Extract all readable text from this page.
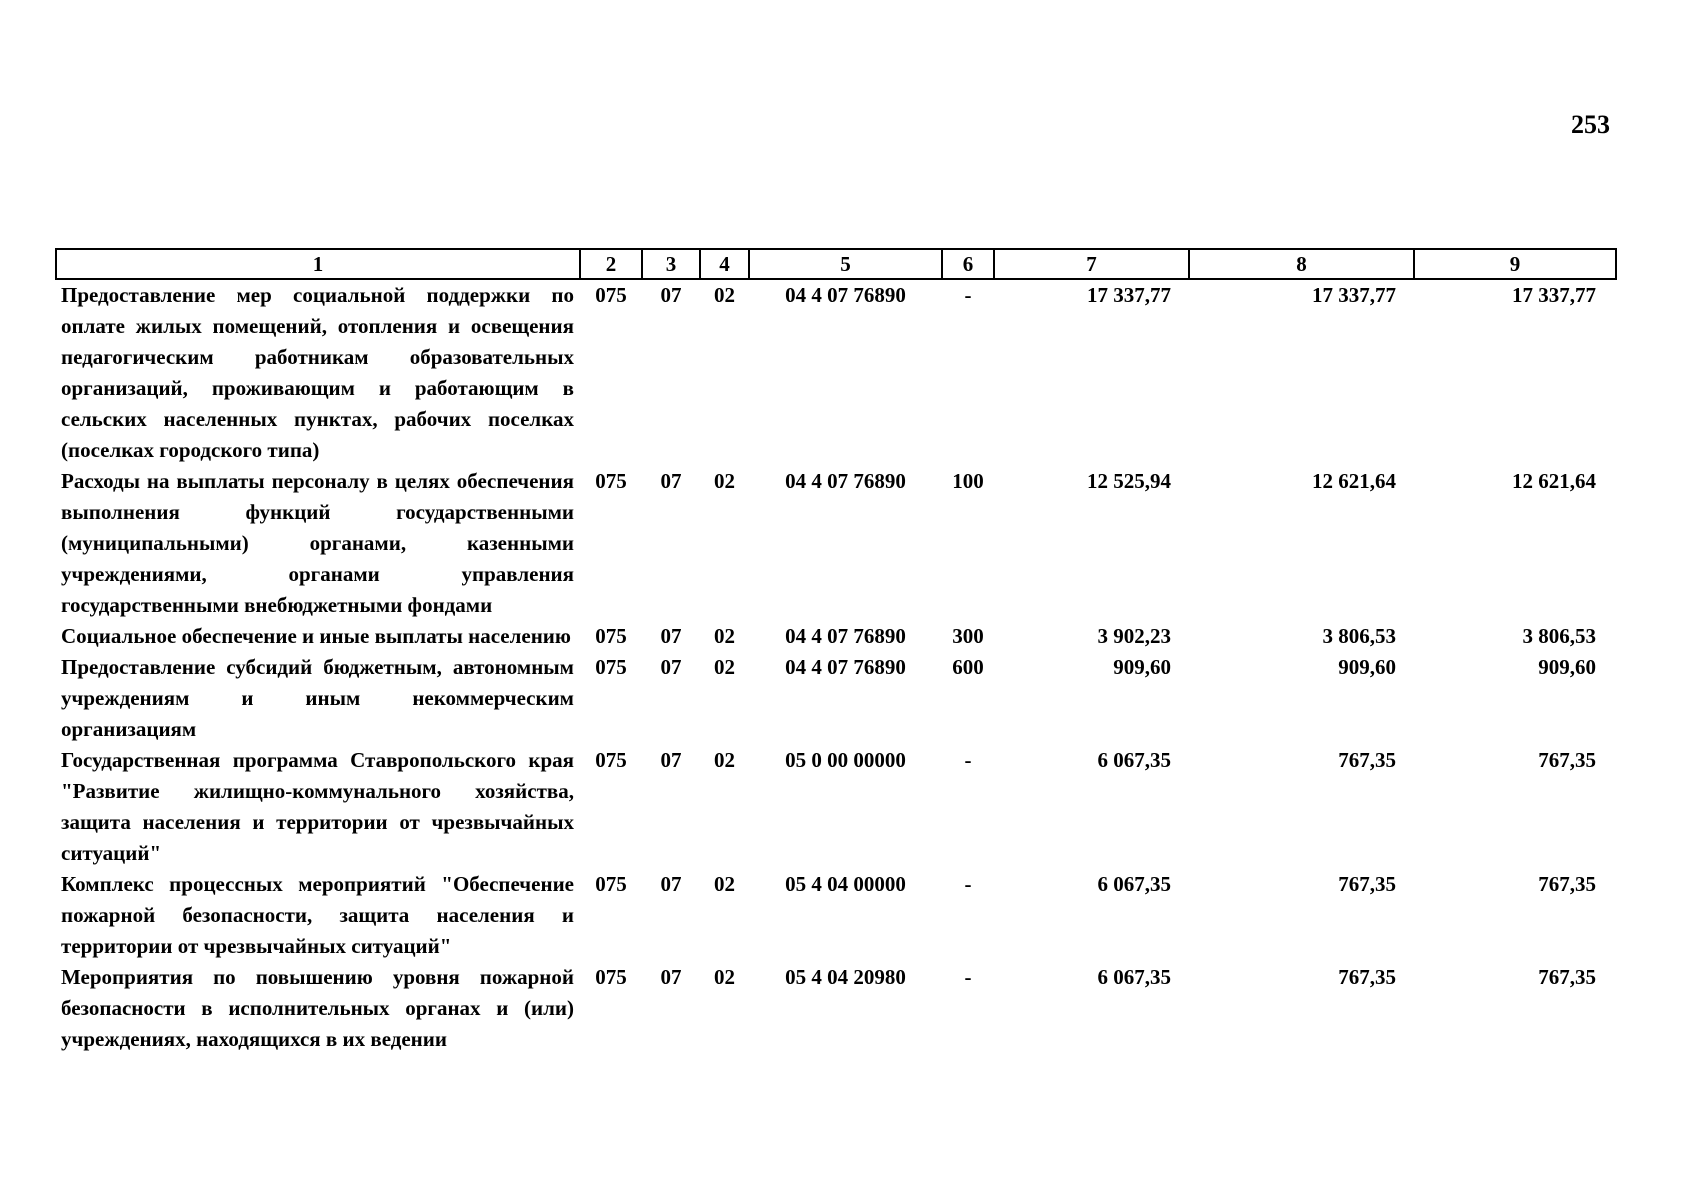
253
1	2	3	4	5	6	7	8	9
Предоставление мер социальной поддержки по оплате жилых помещений, отопления и освещения педагогическим работникам образовательных организаций, проживающим и работающим в сельских населенных пунктах, рабочих поселках (поселках городского типа)	075	07	02	04 4 07 76890	-	17 337,77	17 337,77	17 337,77
Расходы на выплаты персоналу в целях обеспечения выполнения функций государственными (муниципальными) органами, казенными учреждениями, органами управления государственными внебюджетными фондами	075	07	02	04 4 07 76890	100	12 525,94	12 621,64	12 621,64
Социальное обеспечение и иные выплаты населению	075	07	02	04 4 07 76890	300	3 902,23	3 806,53	3 806,53
Предоставление субсидий бюджетным, автономным учреждениям и иным некоммерческим организациям	075	07	02	04 4 07 76890	600	909,60	909,60	909,60
Государственная программа Ставропольского края "Развитие жилищно-коммунального хозяйства, защита населения и территории от чрезвычайных ситуаций"	075	07	02	05 0 00 00000	-	6 067,35	767,35	767,35
Комплекс процессных мероприятий "Обеспечение пожарной безопасности, защита населения и территории от чрезвычайных ситуаций"	075	07	02	05 4 04 00000	-	6 067,35	767,35	767,35
Мероприятия по повышению уровня пожарной безопасности в исполнительных органах и (или) учреждениях, находящихся в их ведении	075	07	02	05 4 04 20980	-	6 067,35	767,35	767,35
